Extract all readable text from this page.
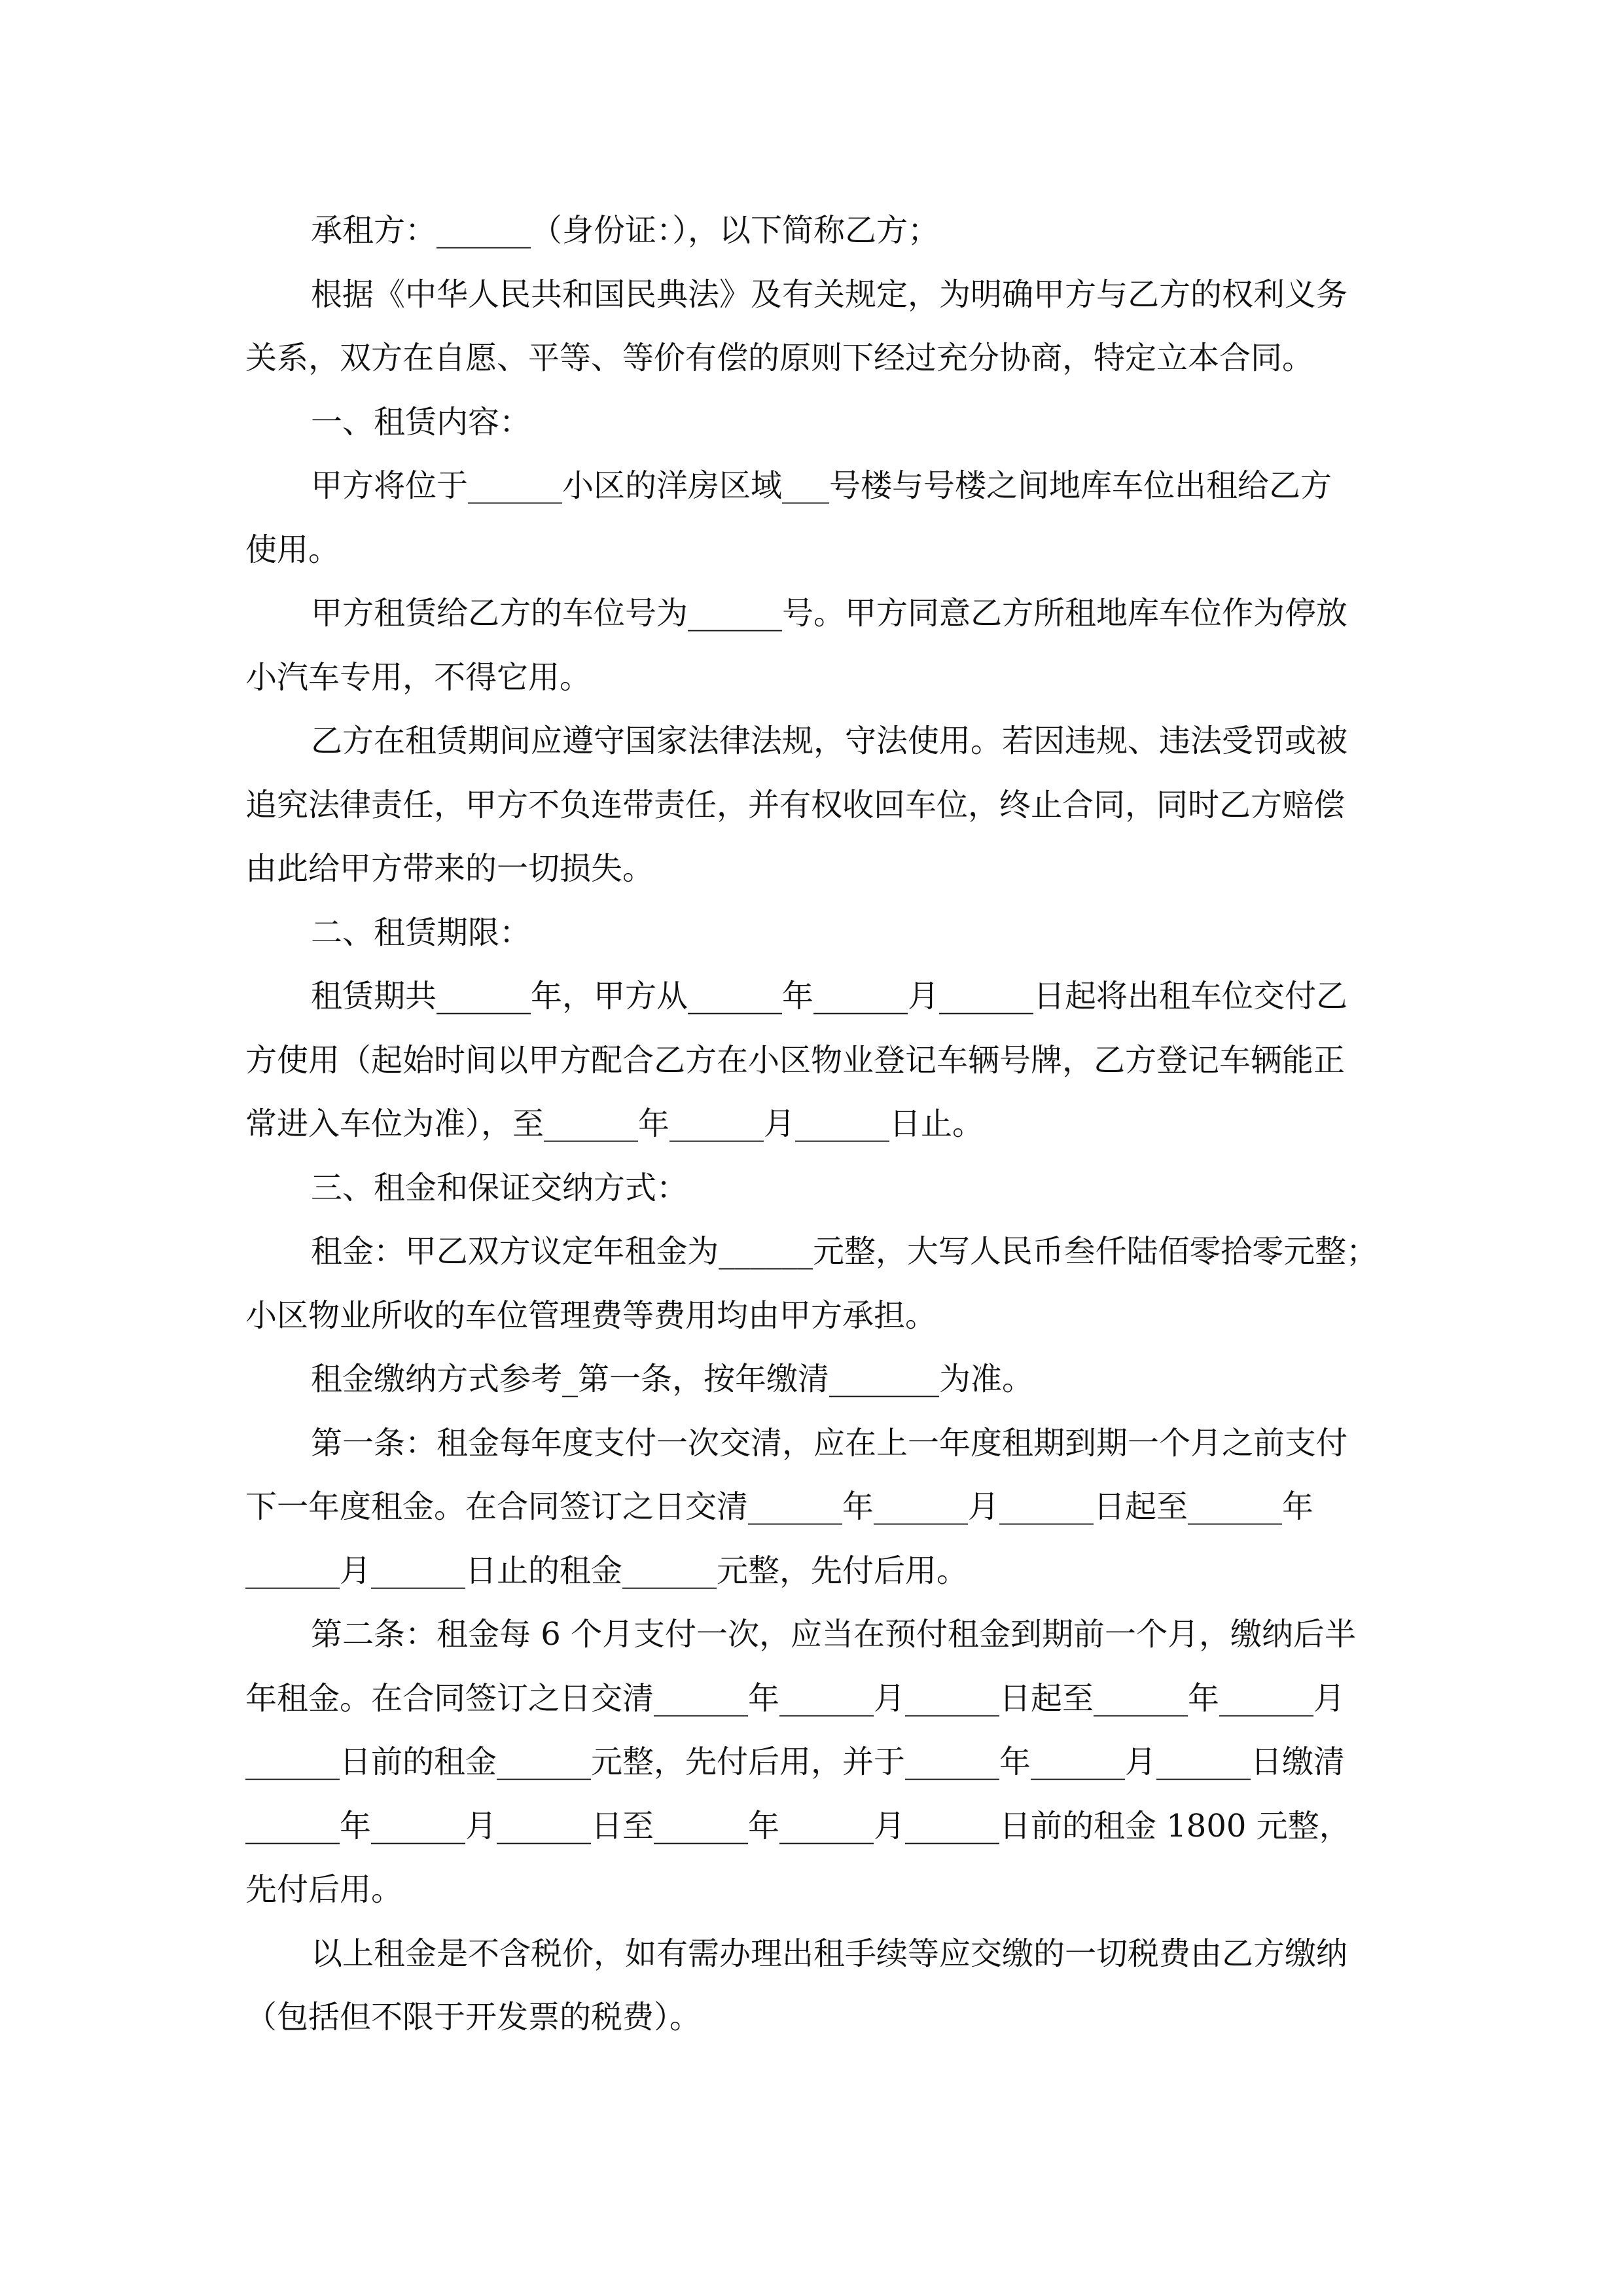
承租方：______（身份证：），以下简称乙方；
根据《中华人民共和国民典法》及有关规定，为明确甲方与乙方的权利义务
关系，双方在自愿、平等、等价有偿的原则下经过充分协商，特定立本合同。
一、租赁内容：
甲方将位于______小区的洋房区域___号楼与号楼之间地库车位出租给乙方
使用。
甲方租赁给乙方的车位号为______号。甲方同意乙方所租地库车位作为停放
小汽车专用，不得它用。
乙方在租赁期间应遵守国家法律法规，守法使用。若因违规、违法受罚或被
追究法律责任，甲方不负连带责任，并有权收回车位，终止合同，同时乙方赔偿
由此给甲方带来的一切损失。
二、租赁期限：
租赁期共______年，甲方从______年______月______日起将出租车位交付乙
方使用（起始时间以甲方配合乙方在小区物业登记车辆号牌，乙方登记车辆能正
常进入车位为准），至______年______月______日止。
三、租金和保证交纳方式：
租金：甲乙双方议定年租金为______元整，大写人民币叁仟陆佰零拾零元整；
小区物业所收的车位管理费等费用均由甲方承担。
租金缴纳方式参考_第一条，按年缴清_______为准。
第一条：租金每年度支付一次交清，应在上一年度租期到期一个月之前支付
下一年度租金。在合同签订之日交清______年______月______日起至______年
______月______日止的租金______元整，先付后用。
第二条：租金每 6 个月支付一次，应当在预付租金到期前一个月，缴纳后半
年租金。在合同签订之日交清______年______月______日起至______年______月
______日前的租金______元整，先付后用，并于______年______月______日缴清
______年______月______日至______年______月______日前的租金 1800 元整，
先付后用。
以上租金是不含税价，如有需办理出租手续等应交缴的一切税费由乙方缴纳
（包括但不限于开发票的税费）。
